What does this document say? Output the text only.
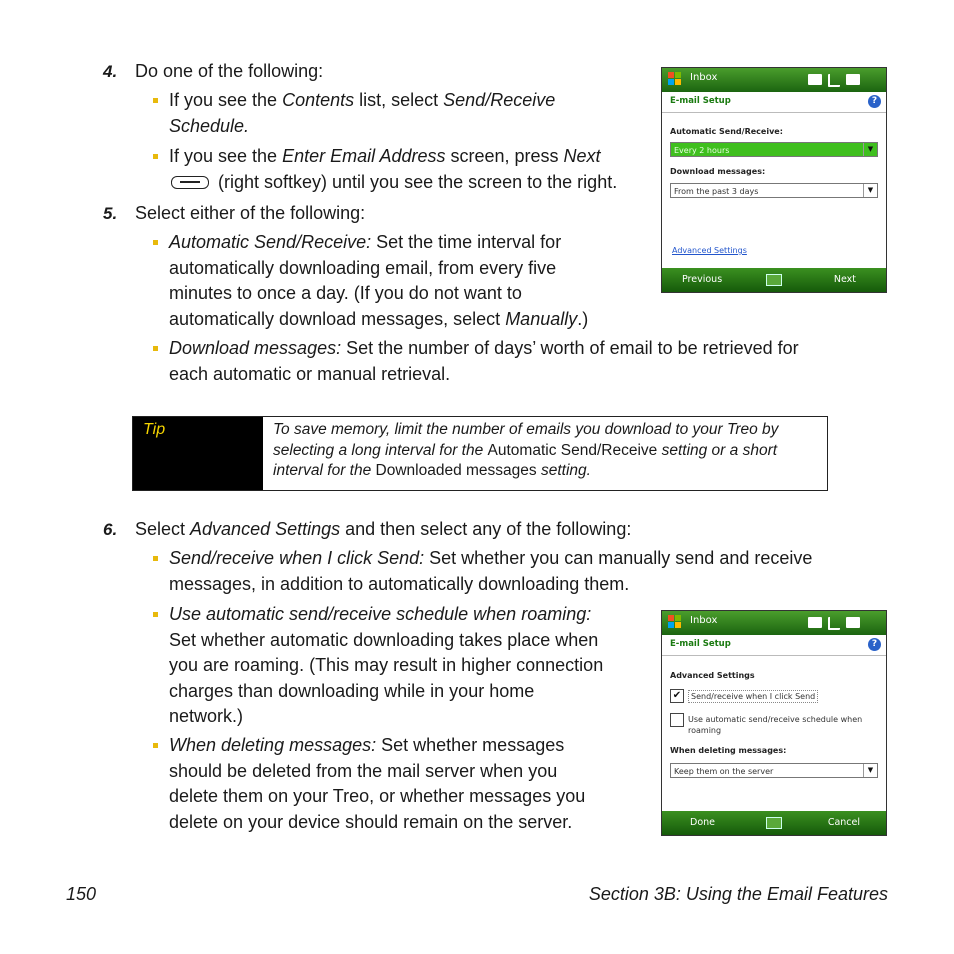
4. Do one of the following:
If you see the Contents list, select Send/Receive
Schedule.
If you see the Enter Email Address screen, press Next
(right softkey) until you see the screen to the right.
5. Select either of the following:
Automatic Send/Receive: Set the time interval for
automatically downloading email, from every five
minutes to once a day. (If you do not want to
automatically download messages, select Manually.)
Download messages: Set the number of days’ worth of email to be retrieved for
each automatic or manual retrieval.
Tip	To save memory, limit the number of emails you download to your Treo by
selecting a long interval for the Automatic Send/Receive setting or a short
interval for the Downloaded messages setting.
6. Select Advanced Settings and then select any of the following:
Send/receive when I click Send: Set whether you can manually send and receive
messages, in addition to automatically downloading them.
Use automatic send/receive schedule when roaming:
Set whether automatic downloading takes place when
you are roaming. (This may result in higher connection
charges than downloading while in your home
network.)
When deleting messages: Set whether messages
should be deleted from the mail server when you
delete them on your Treo, or whether messages you
delete on your device should remain on the server.
Inbox
E-mail Setup	?
Automatic Send/Receive:
Every 2 hours	▼
Download messages:
From the past 3 days	▼
Advanced Settings
Previous	Next
Inbox
E-mail Setup	?
Advanced Settings
✔	Send/receive when I click Send
Use automatic send/receive schedule when roaming
When deleting messages:
Keep them on the server	▼
Done	Cancel
150	Section 3B: Using the Email Features
